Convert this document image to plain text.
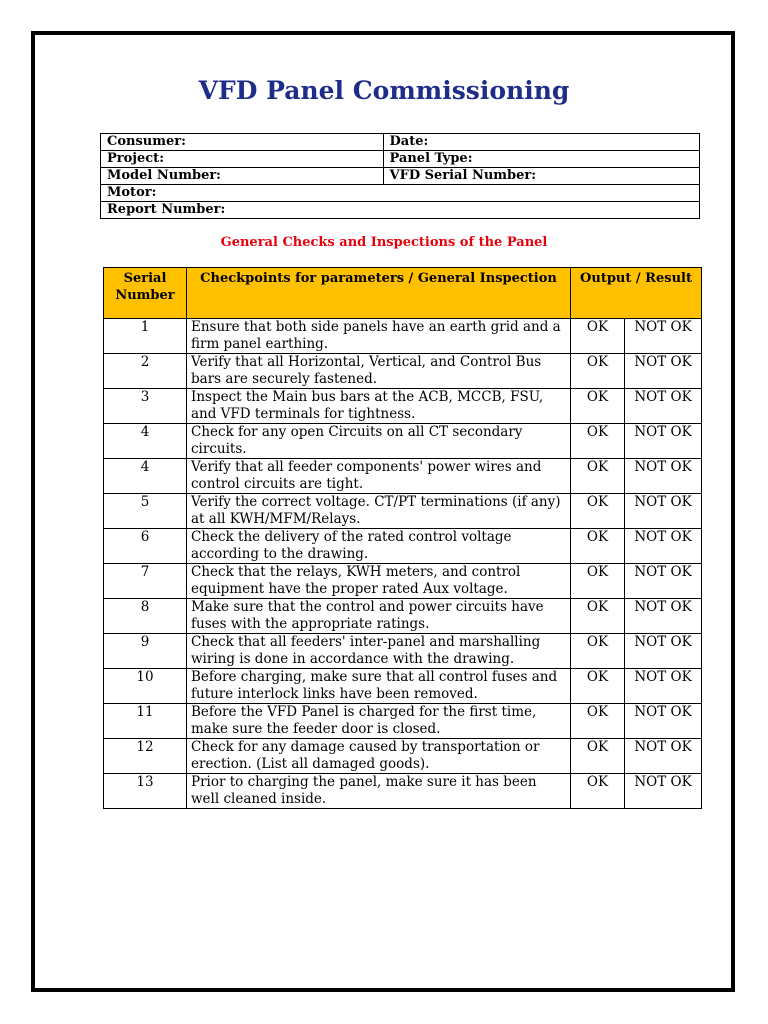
VFD Panel Commissioning
Consumer:	Date:
Project:	Panel Type:
Model Number:	VFD Serial Number:
Motor:	
Report Number:	
General Checks and Inspections of the Panel
Serial Number	Checkpoints for parameters / General Inspection	Output / Result	
1	Ensure that both side panels have an earth grid and a firm panel earthing.	OK	NOT OK
2	Verify that all Horizontal, Vertical, and Control Bus bars are securely fastened.	OK	NOT OK
3	Inspect the Main bus bars at the ACB, MCCB, FSU, and VFD terminals for tightness.	OK	NOT OK
4	Check for any open Circuits on all CT secondary circuits.	OK	NOT OK
4	Verify that all feeder components' power wires and control circuits are tight.	OK	NOT OK
5	Verify the correct voltage. CT/PT terminations (if any) at all KWH/MFM/Relays.	OK	NOT OK
6	Check the delivery of the rated control voltage according to the drawing.	OK	NOT OK
7	Check that the relays, KWH meters, and control equipment have the proper rated Aux voltage.	OK	NOT OK
8	Make sure that the control and power circuits have fuses with the appropriate ratings.	OK	NOT OK
9	Check that all feeders' inter-panel and marshalling wiring is done in accordance with the drawing.	OK	NOT OK
10	Before charging, make sure that all control fuses and future interlock links have been removed.	OK	NOT OK
11	Before the VFD Panel is charged for the first time, make sure the feeder door is closed.	OK	NOT OK
12	Check for any damage caused by transportation or erection. (List all damaged goods).	OK	NOT OK
13	Prior to charging the panel, make sure it has been well cleaned inside.	OK	NOT OK
